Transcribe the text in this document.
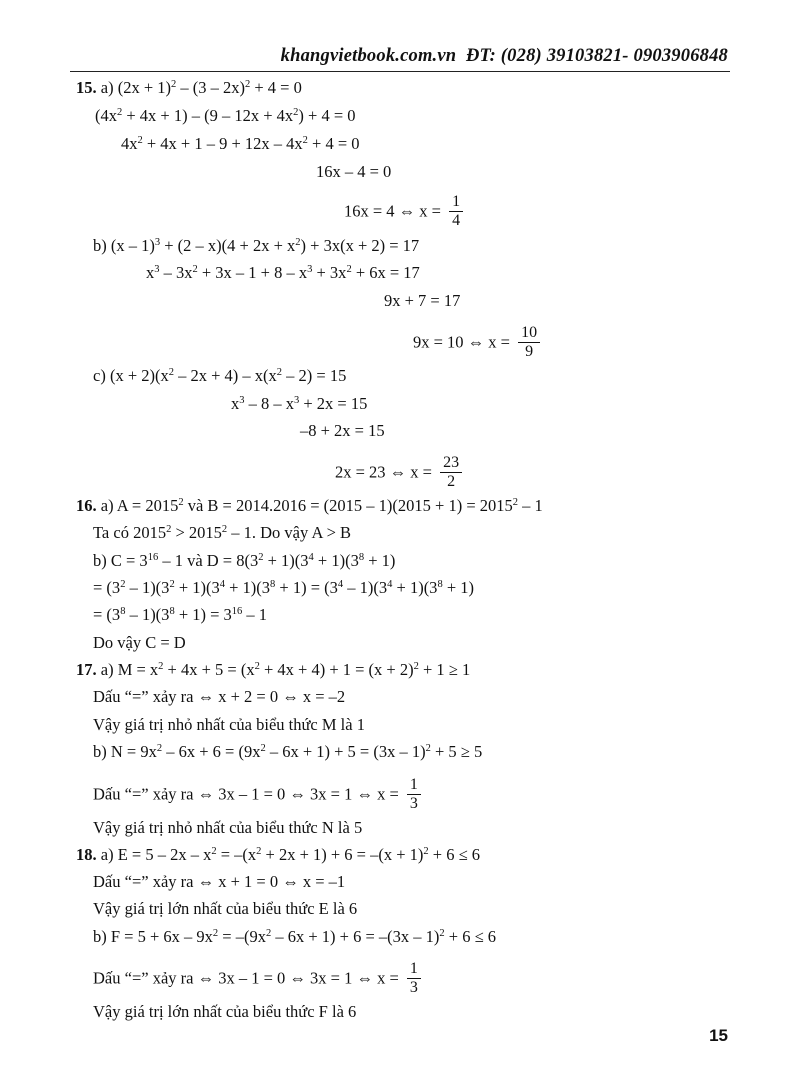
khangvietbook.com.vn ĐT: (028) 39103821- 0903906848
15. a) $(2x + 1)^2 - (3 - 2x)^2 + 4 = 0$
$(4x^2 + 4x + 1) - (9 - 12x + 4x^2) + 4 = 0$
$4x^2 + 4x + 1 - 9 + 12x - 4x^2 + 4 = 0$
16x – 4 = 0
16x = 4 ⇔ $x = \frac{1}{4}$
b) $(x - 1)^3 + (2 - x)(4 + 2x + x^2) + 3x(x + 2) = 17$
$x^3 - 3x^2 + 3x - 1 + 8 - x^3 + 3x^2 + 6x = 17$
9x + 7 = 17
9x = 10 ⇔ $x = \frac{10}{9}$
c) $(x + 2)(x^2 - 2x + 4) - x(x^2 - 2) = 15$
$x^3 - 8 - x^3 + 2x = 15$
–8 + 2x = 15
2x = 23 ⇔ $x = \frac{23}{2}$
16. a) $A = 2015^2$ và $B = 2014.2016 = (2015 - 1)(2015 + 1) = 2015^2 - 1$
Ta có $2015^2 > 2015^2 - 1$. Do vậy A > B
b) $C = 3^{16} - 1$ và $D = 8(3^2 + 1)(3^4 + 1)(3^8 + 1)$
= $(3^2 - 1)(3^2 + 1)(3^4 + 1)(3^8 + 1) = (3^4 - 1)(3^4 + 1)(3^8 + 1)$
= $(3^8 - 1)(3^8 + 1) = 3^{16} - 1$
Do vậy C = D
17. a) $M = x^2 + 4x + 5 = (x^2 + 4x + 4) + 1 = (x + 2)^2 + 1 \ge 1$
Dấu “=” xảy ra ⇔ x + 2 = 0 ⇔ x = –2
Vậy giá trị nhỏ nhất của biểu thức M là 1
b) $N = 9x^2 - 6x + 6 = (9x^2 - 6x + 1) + 5 = (3x - 1)^2 + 5 \ge 5$
Dấu “=” xảy ra ⇔ 3x – 1 = 0 ⇔ 3x = 1 ⇔ $x = \frac{1}{3}$
Vậy giá trị nhỏ nhất của biểu thức N là 5
18. a) $E = 5 - 2x - x^2 = -(x^2 + 2x + 1) + 6 = -(x + 1)^2 + 6 \le 6$
Dấu “=” xảy ra ⇔ x + 1 = 0 ⇔ x = –1
Vậy giá trị lớn nhất của biểu thức E là 6
b) $F = 5 + 6x - 9x^2 = -(9x^2 - 6x + 1) + 6 = -(3x - 1)^2 + 6 \le 6$
Dấu “=” xảy ra ⇔ 3x – 1 = 0 ⇔ 3x = 1 ⇔ $x = \frac{1}{3}$
Vậy giá trị lớn nhất của biểu thức F là 6
15
